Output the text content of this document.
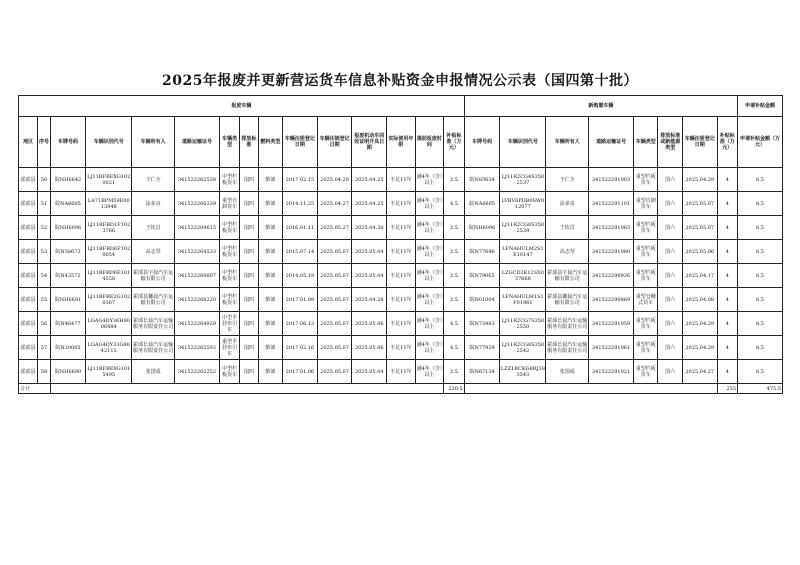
2025年报废并更新营运货车信息补贴资金申报情况公示表（国四第十批）
报废车辆															新购置车辆								申请补贴金额
地区	序号	车牌号码	车辆识别代号	车辆所有人	道路运输证号	车辆类型	排放标准	燃料类型	车辆注册登记日期	车辆注销登记日期	报废机动车回收证明开具日期	实际使用年限	提前报废时间	补贴标准（万元）	车牌号码	车辆识别代号	车辆所有人	道路运输证号	车辆类型	排放标准或新能源类型	车辆注册登记日期	补贴标准（万元）	申请补贴金额（万元）
霍邱县	50	皖NH6642	LJ11RFBEXG1020021	王仁全	341522262538	中型栏板货车	国四	柴油	2017.02.15	2025.04.28	2025.04.25	不足11年	满4年（含）以上	2.5	皖N83634	LJ11R2CG4S3502537	王仁全	341522291003	重型栏板货车	国六	2025.04.29	4	6.5
霍邱县	51	皖NA6605	LA71BPM59E0013948	涂多良	341522266339	重型自卸货车	国四	柴油	2014.11.25	2025.04.27	2025.04.25	不足11年	满4年（含）以上	4.5	皖NA6605	LVBV6PDB0SW012077	涂多良	341522291101	重型自卸货车	国六	2025.05.07	4	8.5
霍邱县	52	皖NH6096	LJ11RFBD1F1023766	王钦昌	341522209615	中型栏板货车	国四	柴油	2016.01.11	2025.05.27	2025.04.30	不足11年	满4年（含）以上	2.5	皖NH6096	LJ11R2CG8S3502539	王钦昌	341522291083	重型栏板货车	国六	2025.05.07	4	6.5
霍邱县	53	皖N58673	LJ11RFBD6F1020054	高志琴	341522264533	中型栏板货车	国四	柴油	2015.07.14	2025.05.07	2025.05.04	不足11年	满4年（含）以上	2.5	皖N77696	LFNAHULM2S1E10147	高志琴	341522291080	重型栏板货车	国六	2025.05.06	4	6.5
霍邱县	54	皖N43572	LJ11RFBD6E1014558	霍邱县宇晨汽车运输有限公司	341522269807	中型栏板货车	国四	柴油	2014.05.19	2025.05.07	2025.05.04	不足11年	满4年（含）以上	2.5	皖N79065	LZGCD2K12SX037668	霍邱县宇晨汽车运输有限公司	341522290936	重型栏板货车	国六	2025.04.17	4	6.5
霍邱县	55	皖NH6691	LJ11RFBE2G1020367	霍邱县馨晨汽车运输有限公司	341522268220	中型栏板货车	国四	柴油	2017.01.09	2025.05.07	2025.04.28	不足11年	满4年（含）以上	2.5	皖N01004	LFNAHULM1S1F01961	霍邱县馨晨汽车运输有限公司	341522290869	重型仓栅式货车	国六	2025.04.08	4	6.5
霍邱县	56	皖N46477	LGAG4DY36H8006484	霍邱长晨汽车运输服务有限责任公司	341522264929	中型半挂牵引车	国四	柴油	2017.06.13	2025.05.07	2025.05.06	不足11年	满4年（含）以上	4.5	皖N73483	LJ11R2CG7S3502550	霍邱长晨汽车运输服务有限责任公司	341522291059	重型栏板货车	国六	2025.04.29	4	8.5
霍邱县	57	皖N20005	LGAG4DY33G8042115	霍邱长晨汽车运输服务有限责任公司	341522265592	重型半挂牵引车	国四	柴油	2017.02.16	2025.05.07	2025.05.06	不足11年	满4年（含）以上	4.5	皖N77929	LJ11R2CG8S3502542	霍邱长晨汽车运输服务有限责任公司	341522291061	重型栏板货车	国六	2025.04.29	4	8.5
霍邱县	58	皖NH6690	LJ11RFBE8G1015495	张国成	341522262252	中型栏板货车	国四	柴油	2017.01.06	2025.05.07	2025.05.04	不足11年	满4年（含）以上	2.5	皖N67134	LZZ1BCKG8RJ383543	张国成	341522291021	重型栏板货车	国六	2025.04.27	4	6.5
合计														220.5								255	475.5
